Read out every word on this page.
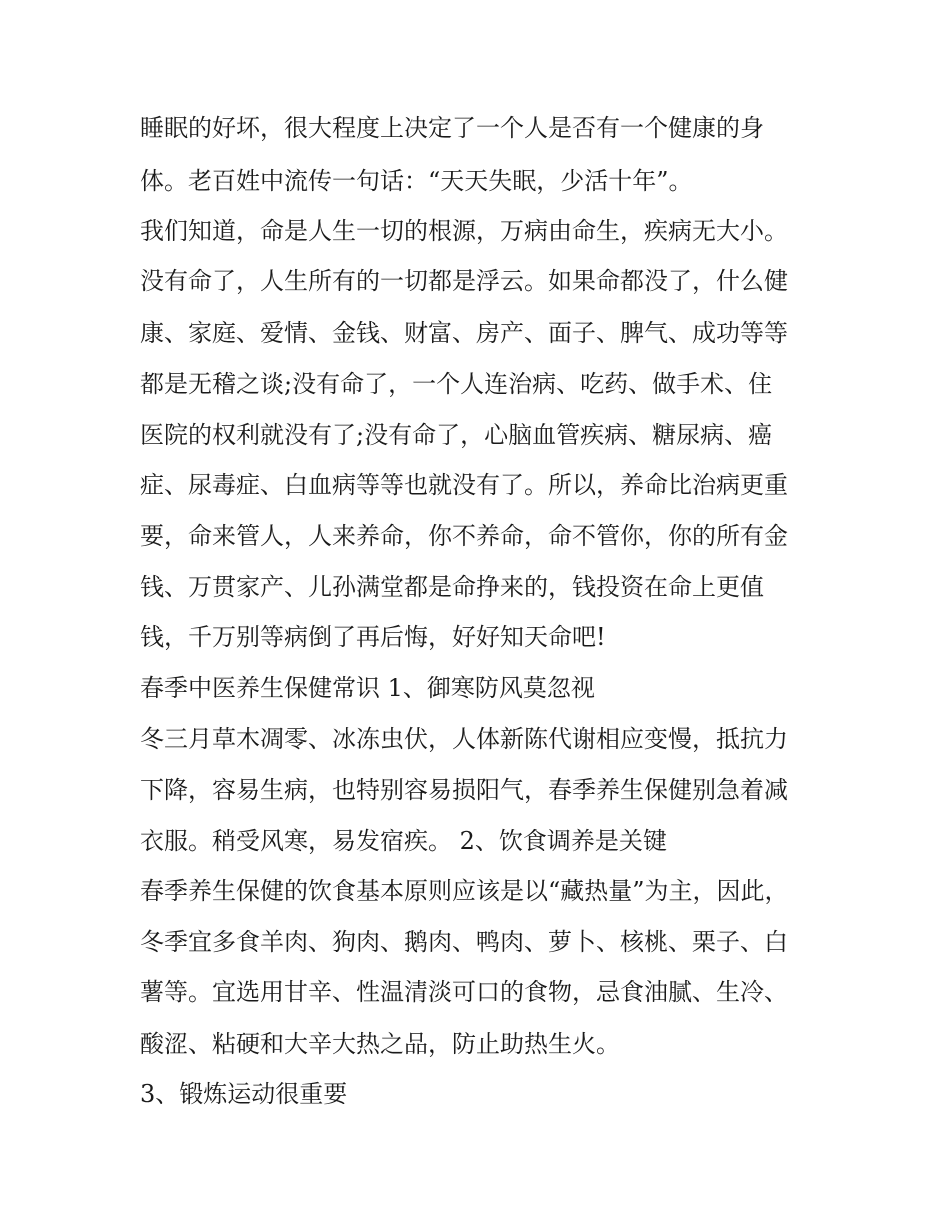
睡眠的好坏，很大程度上决定了一个人是否有一个健康的身
体。老百姓中流传一句话：“天天失眠，少活十年”。
我们知道，命是人生一切的根源，万病由命生，疾病无大小。
没有命了，人生所有的一切都是浮云。如果命都没了，什么健
康、家庭、爱情、金钱、财富、房产、面子、脾气、成功等等
都是无稽之谈;没有命了，一个人连治病、吃药、做手术、住
医院的权利就没有了;没有命了，心脑血管疾病、糖尿病、癌
症、尿毒症、白血病等等也就没有了。所以，养命比治病更重
要，命来管人，人来养命，你不养命，命不管你，你的所有金
钱、万贯家产、儿孙满堂都是命挣来的，钱投资在命上更值
钱，千万别等病倒了再后悔，好好知天命吧!
春季中医养生保健常识 1、御寒防风莫忽视
冬三月草木凋零、冰冻虫伏，人体新陈代谢相应变慢，抵抗力
下降，容易生病，也特别容易损阳气，春季养生保健别急着减
衣服。稍受风寒，易发宿疾。 2、饮食调养是关键
春季养生保健的饮食基本原则应该是以“藏热量”为主，因此，
冬季宜多食羊肉、狗肉、鹅肉、鸭肉、萝卜、核桃、栗子、白
薯等。宜选用甘辛、性温清淡可口的食物，忌食油腻、生冷、
酸涩、粘硬和大辛大热之品，防止助热生火。
3、锻炼运动很重要
